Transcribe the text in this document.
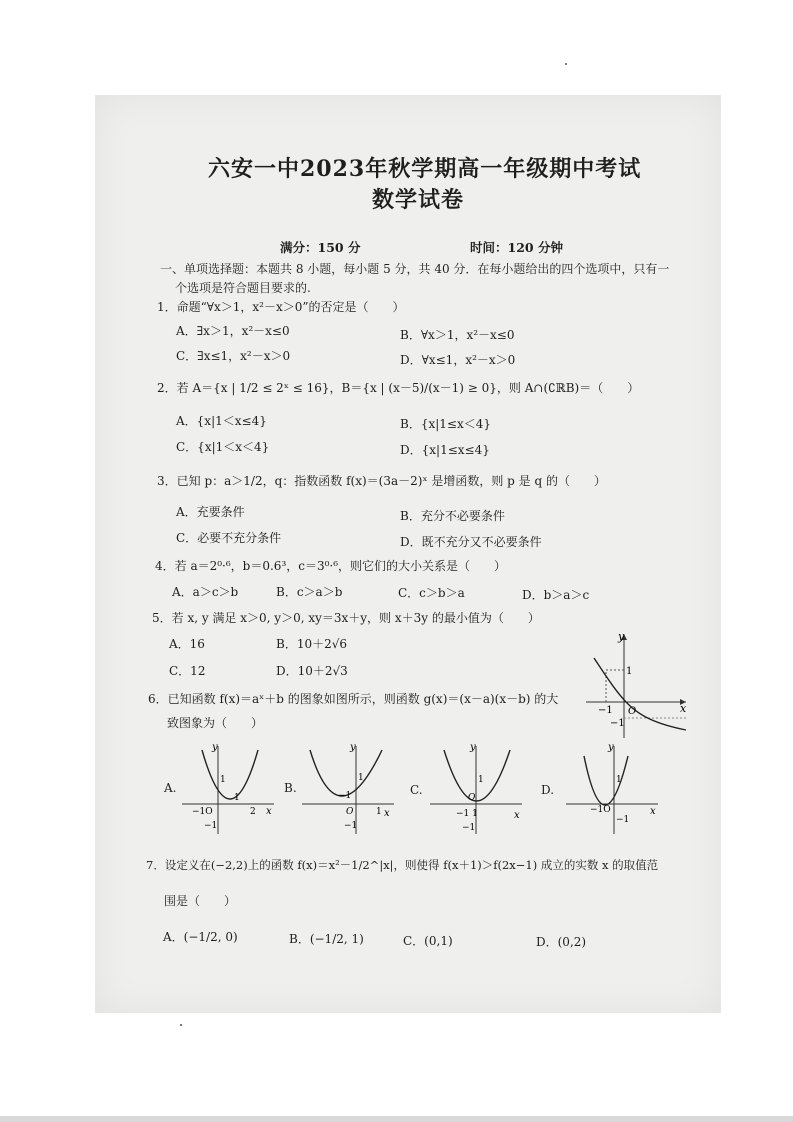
六安一中2023年秋学期高一年级期中考试
数学试卷
满分：150 分	时间：120 分钟
一、单项选择题：本题共 8 小题，每小题 5 分，共 40 分．在每小题给出的四个选项中，只有一
个选项是符合题目要求的.
1．命题“∀x＞1，x²－x＞0”的否定是（　　）
A．∃x＞1，x²－x≤0	B．∀x＞1，x²－x≤0
C．∃x≤1，x²－x＞0	D．∀x≤1，x²－x＞0
2．若 A＝{x | 1/2 ≤ 2ˣ ≤ 16}，B＝{x | (x－5)/(x－1) ≥ 0}，则 A∩(∁ℝB)＝（　　）
A．{x|1＜x≤4}	B．{x|1≤x＜4}
C．{x|1＜x＜4}	D．{x|1≤x≤4}
3．已知 p：a＞1/2，q：指数函数 f(x)＝(3a－2)ˣ 是增函数，则 p 是 q 的（　　）
A．充要条件	B．充分不必要条件
C．必要不充分条件	D．既不充分又不必要条件
4．若 a＝2⁰·⁶，b＝0.6³，c＝3⁰·⁶，则它们的大小关系是（　　）
A．a＞c＞b	B．c＞a＞b	C．c＞b＞a	D．b＞a＞c
5．若 x, y 满足 x＞0, y＞0, xy＝3x＋y，则 x＋3y 的最小值为（　　）
A．16	B．10＋2√6
C．12	D．10＋2√3
6．已知函数 f(x)＝aˣ＋b 的图象如图所示，则函数 g(x)＝(x－a)(x－b) 的大
致图象为（　　）
y
x
1
−1 O
−1
A.
y
x
1
−1O
1
2
−1
B.
y
x
1
−1
O	1
−1
C.
y
x
1
O
−1 1
−1
D.
y
x
1
−1O
−1
7．设定义在(−2,2)上的函数 f(x)＝x²－1/2^|x|，则使得 f(x＋1)＞f(2x−1) 成立的实数 x 的取值范
围是（　　）
A．(−1/2, 0)	B．(−1/2, 1)	C．(0,1)	D．(0,2)
